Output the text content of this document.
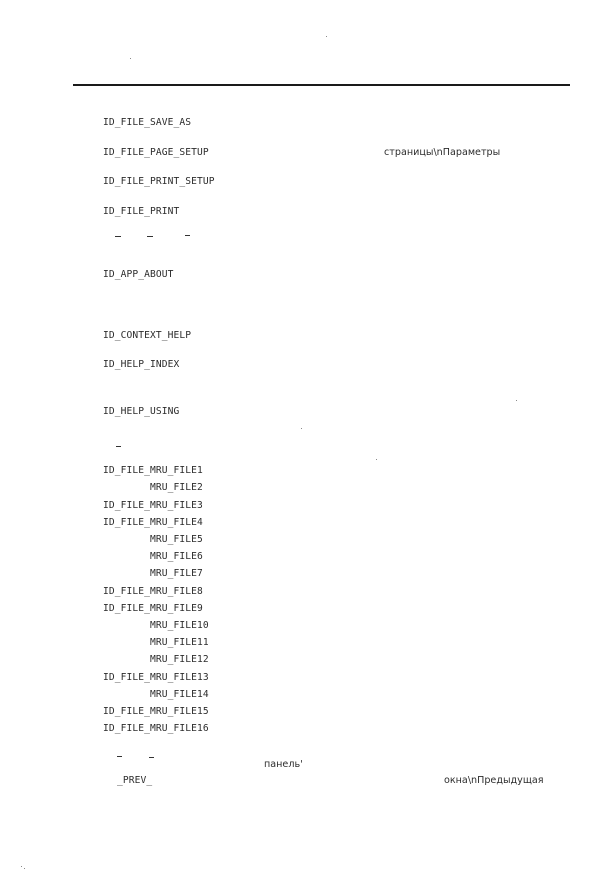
ID_FILE_SAVE_AS
ID_FILE_PAGE_SETUP	страницы\nПараметры
ID_FILE_PRINT_SETUP
ID_FILE_PRINT
ID_APP_ABOUT
ID_CONTEXT_HELP
ID_HELP_INDEX
ID_HELP_USING
ID_FILE_MRU_FILE1
MRU_FILE2
ID_FILE_MRU_FILE3
ID_FILE_MRU_FILE4
MRU_FILE5
MRU_FILE6
MRU_FILE7
ID_FILE_MRU_FILE8
ID_FILE_MRU_FILE9
MRU_FILE10
MRU_FILE11
MRU_FILE12
ID_FILE_MRU_FILE13
MRU_FILE14
ID_FILE_MRU_FILE15
ID_FILE_MRU_FILE16
панель'
_PREV_	окна\nПредыдущая
